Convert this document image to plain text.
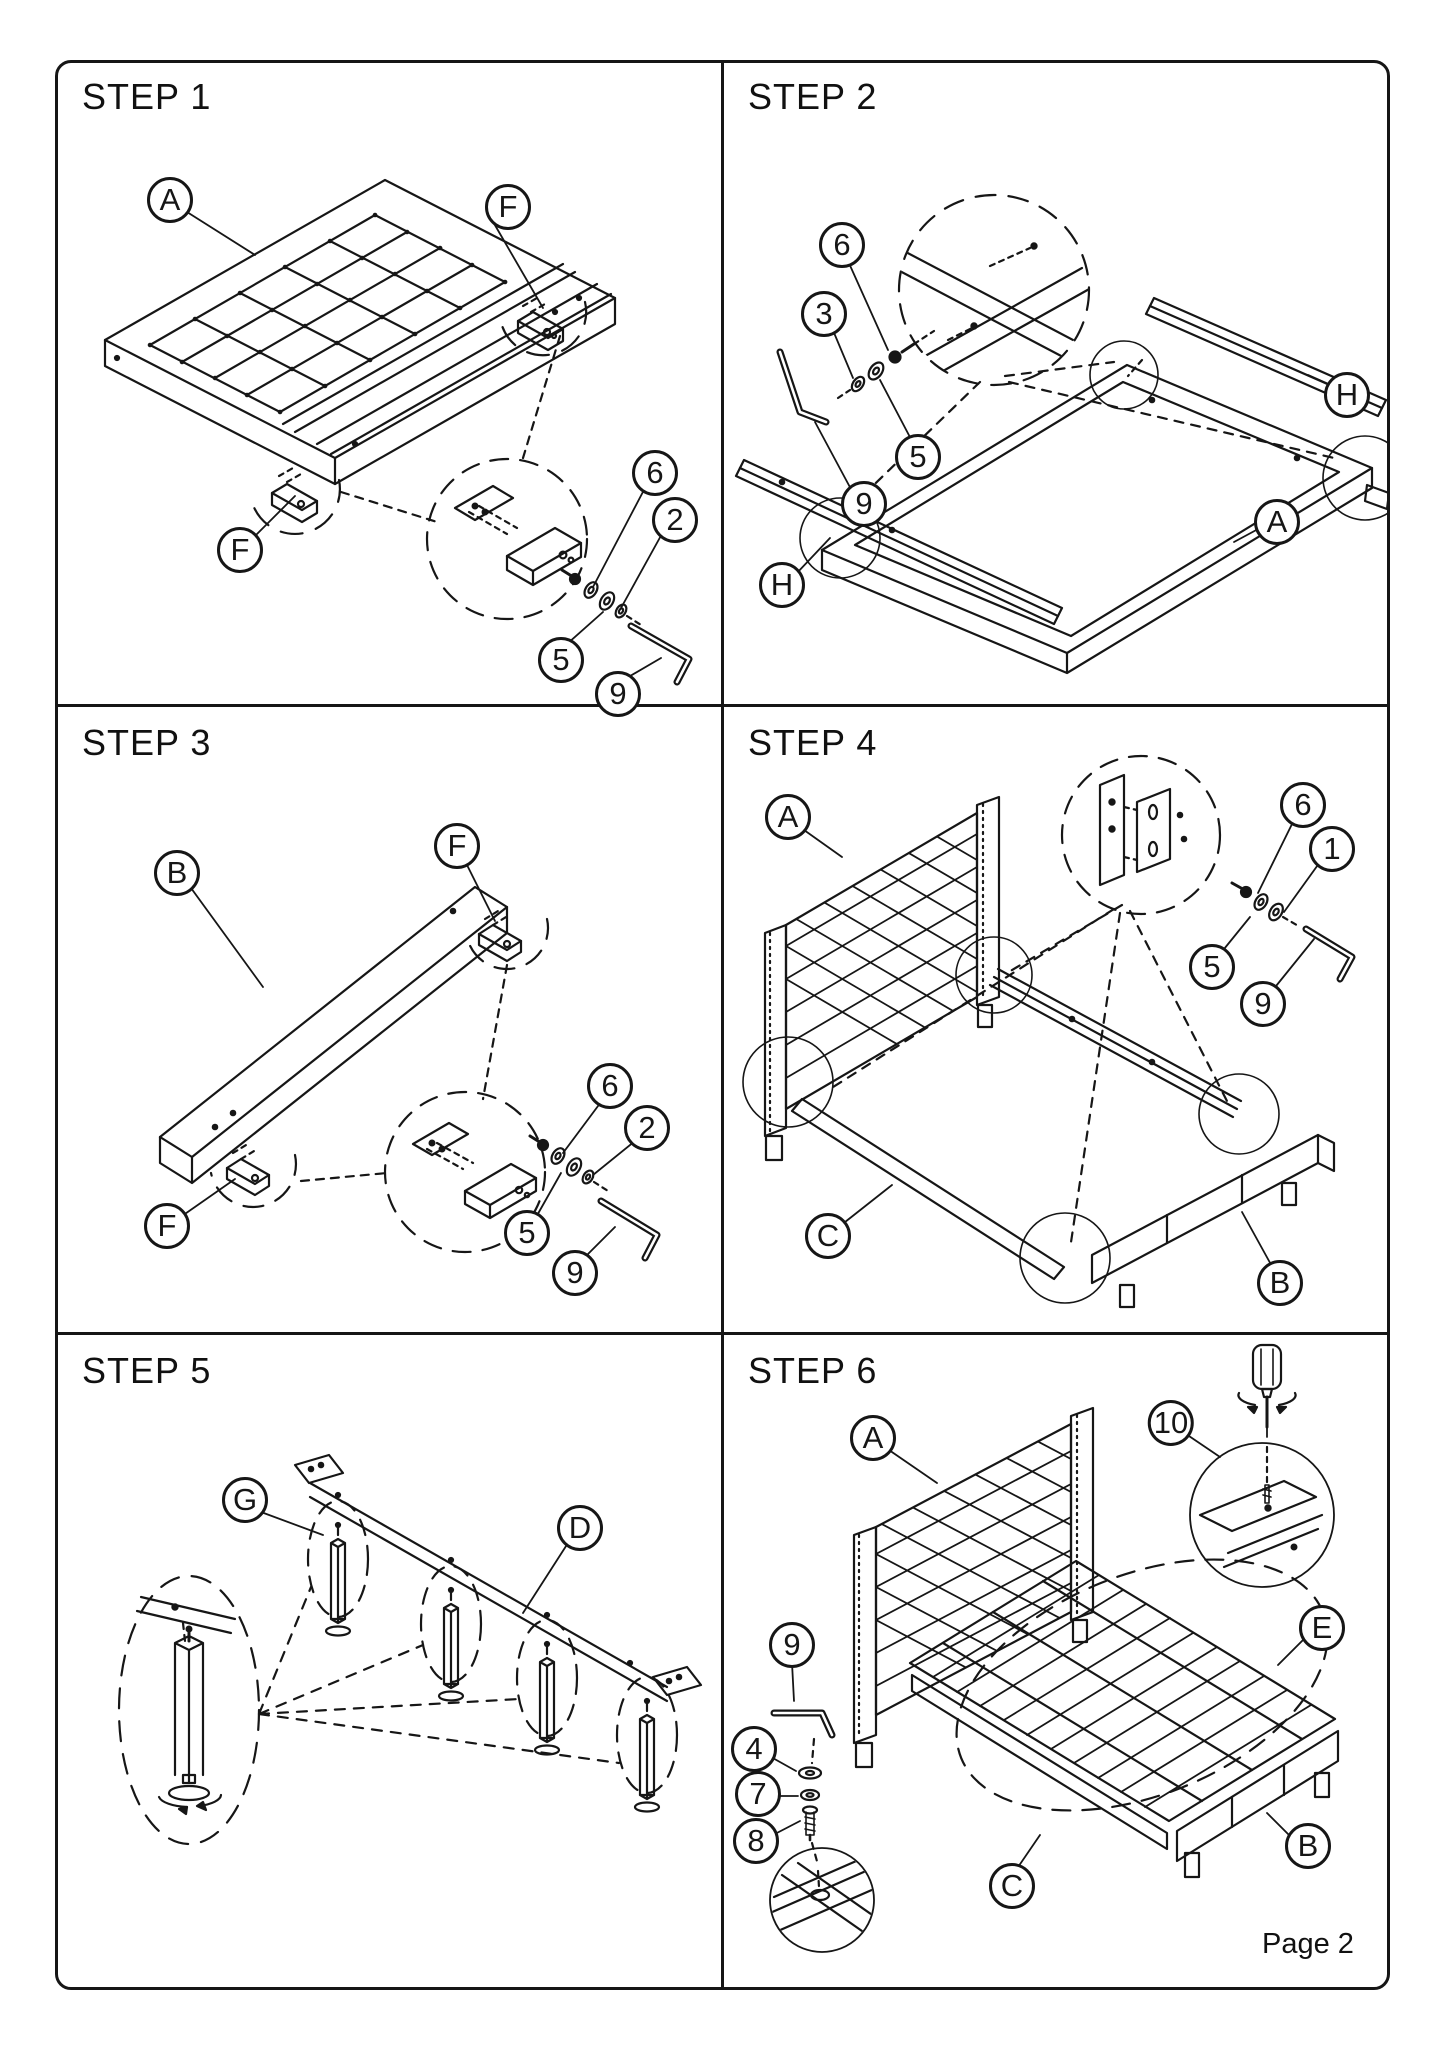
STEP 1
A	F
F
6
2
5
9
STEP 2
6
3
5
9
H
H
A
STEP 3
B
F
F
6
2
5
9
STEP 4
A	6
1
5
9
C
B
STEP 5
G
D
STEP 6
A	10
9
4
7
8
E
B
C
Page 2
